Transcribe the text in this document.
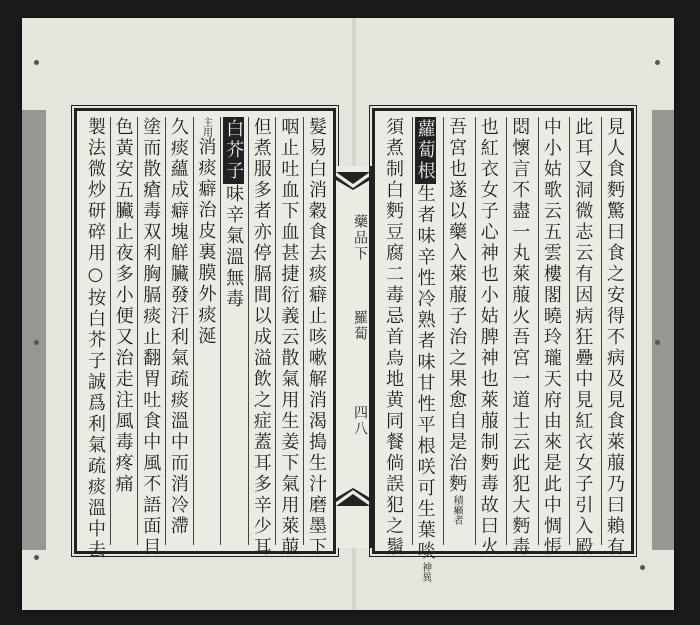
髮易白消穀食去痰癖止咳嗽解消渴搗生汁磨墨下
咽止吐血下血甚捷衍義云散氣用生姜下氣用萊菔
但煮服多者亦停膈間以成溢飲之症蓋耳多辛少耳
白芥子味辛氣溫無毒
主用消痰癖治皮裏膜外痰涎
久痰蘊成癖塊觧臟發汗利氣疏痰溫中而消冷滯
塗而散瘡毒双利胸膈痰止翻胃吐食中風不語面目
色黃安五臟止夜多小便又治走注風毒疼痛
製法微炒研碎用○按白芥子誠爲利氣疏痰溫中去	藥品下
羅蔔
四八	見人食麪驚曰食之安得不病及見食萊菔乃曰賴有
此耳又洞微志云有因病狂疉中見紅衣女子引入殿
中小姑歌云五雲樓閣曉玲瓏天府由來是此中惆悵
悶懷言不盡一丸萊菔火吾宮一道士云此犯大麪毒
也紅衣女子心神也小姑脾神也萊菔制麪毒故曰火
吾宮也遂以藥入萊菔子治之果愈自是治麪積癩者
蘿蔔根生者味辛性冷熟者味甘性平根咲可生葉啖神異
須煮制白麪豆腐二毒忌首烏地黄同餐倘誤犯之鬚
